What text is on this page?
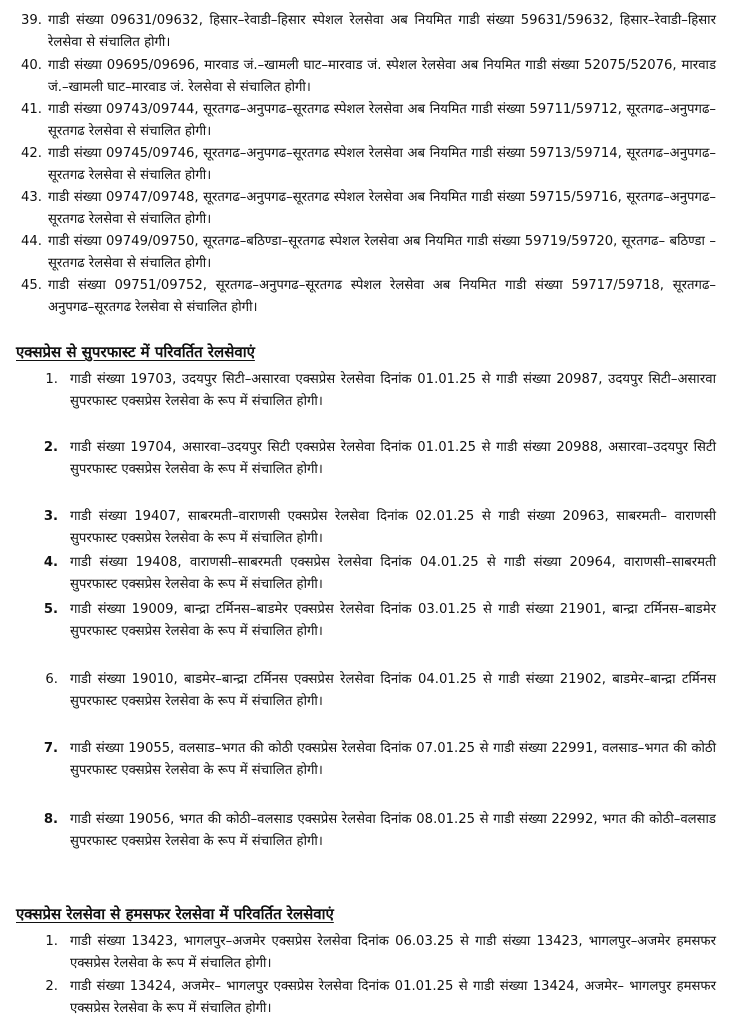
39. गाडी संख्या 09631/09632, हिसार–रेवाडी–हिसार स्पेशल रेलसेवा अब नियमित गाडी संख्या 59631/59632, हिसार–रेवाडी–हिसार रेलसेवा से संचालित होगी।
40. गाडी संख्या 09695/09696, मारवाड जं.–खामली घाट–मारवाड जं. स्पेशल रेलसेवा अब नियमित गाडी संख्या 52075/52076, मारवाड जं.–खामली घाट–मारवाड जं. रेलसेवा से संचालित होगी।
41. गाडी संख्या 09743/09744, सूरतगढ–अनुपगढ–सूरतगढ स्पेशल रेलसेवा अब नियमित गाडी संख्या 59711/59712, सूरतगढ–अनुपगढ–सूरतगढ रेलसेवा से संचालित होगी।
42. गाडी संख्या 09745/09746, सूरतगढ–अनुपगढ–सूरतगढ स्पेशल रेलसेवा अब नियमित गाडी संख्या 59713/59714, सूरतगढ–अनुपगढ–सूरतगढ रेलसेवा से संचालित होगी।
43. गाडी संख्या 09747/09748, सूरतगढ–अनुपगढ–सूरतगढ स्पेशल रेलसेवा अब नियमित गाडी संख्या 59715/59716, सूरतगढ–अनुपगढ–सूरतगढ रेलसेवा से संचालित होगी।
44. गाडी संख्या 09749/09750, सूरतगढ–बठिण्डा–सूरतगढ स्पेशल रेलसेवा अब नियमित गाडी संख्या 59719/59720, सूरतगढ– बठिण्डा –सूरतगढ रेलसेवा से संचालित होगी।
45. गाडी संख्या 09751/09752, सूरतगढ–अनुपगढ–सूरतगढ स्पेशल रेलसेवा अब नियमित गाडी संख्या 59717/59718, सूरतगढ– अनुपगढ–सूरतगढ रेलसेवा से संचालित होगी।
एक्सप्रेस से सुपरफास्ट में परिवर्तित रेलसेवाएं
1. गाडी संख्या 19703, उदयपुर सिटी–असारवा एक्सप्रेस रेलसेवा दिनांक 01.01.25 से गाडी संख्या 20987, उदयपुर सिटी–असारवा सुपरफास्ट एक्सप्रेस रेलसेवा के रूप में संचालित होगी।
2. गाडी संख्या 19704, असारवा–उदयपुर सिटी एक्सप्रेस रेलसेवा दिनांक 01.01.25 से गाडी संख्या 20988, असारवा–उदयपुर सिटी सुपरफास्ट एक्सप्रेस रेलसेवा के रूप में संचालित होगी।
3. गाडी संख्या 19407, साबरमती–वाराणसी एक्सप्रेस रेलसेवा दिनांक 02.01.25 से गाडी संख्या 20963, साबरमती– वाराणसी सुपरफास्ट एक्सप्रेस रेलसेवा के रूप में संचालित होगी।
4. गाडी संख्या 19408, वाराणसी–साबरमती एक्सप्रेस रेलसेवा दिनांक 04.01.25 से गाडी संख्या 20964, वाराणसी–साबरमती सुपरफास्ट एक्सप्रेस रेलसेवा के रूप में संचालित होगी।
5. गाडी संख्या 19009, बान्द्रा टर्मिनस–बाडमेर एक्सप्रेस रेलसेवा दिनांक 03.01.25 से गाडी संख्या 21901, बान्द्रा टर्मिनस–बाडमेर सुपरफास्ट एक्सप्रेस रेलसेवा के रूप में संचालित होगी।
6. गाडी संख्या 19010, बाडमेर–बान्द्रा टर्मिनस एक्सप्रेस रेलसेवा दिनांक 04.01.25 से गाडी संख्या 21902, बाडमेर–बान्द्रा टर्मिनस सुपरफास्ट एक्सप्रेस रेलसेवा के रूप में संचालित होगी।
7. गाडी संख्या 19055, वलसाड–भगत की कोठी एक्सप्रेस रेलसेवा दिनांक 07.01.25 से गाडी संख्या 22991, वलसाड–भगत की कोठी सुपरफास्ट एक्सप्रेस रेलसेवा के रूप में संचालित होगी।
8. गाडी संख्या 19056, भगत की कोठी–वलसाड एक्सप्रेस रेलसेवा दिनांक 08.01.25 से गाडी संख्या 22992, भगत की कोठी–वलसाड सुपरफास्ट एक्सप्रेस रेलसेवा के रूप में संचालित होगी।
एक्सप्रेस रेलसेवा से हमसफर रेलसेवा में परिवर्तित रेलसेवाएं
1. गाडी संख्या 13423, भागलपुर–अजमेर एक्सप्रेस रेलसेवा दिनांक 06.03.25 से गाडी संख्या 13423, भागलपुर–अजमेर हमसफर एक्सप्रेस रेलसेवा के रूप में संचालित होगी।
2. गाडी संख्या 13424, अजमेर– भागलपुर एक्सप्रेस रेलसेवा दिनांक 01.01.25 से गाडी संख्या 13424, अजमेर– भागलपुर हमसफर एक्सप्रेस रेलसेवा के रूप में संचालित होगी।
